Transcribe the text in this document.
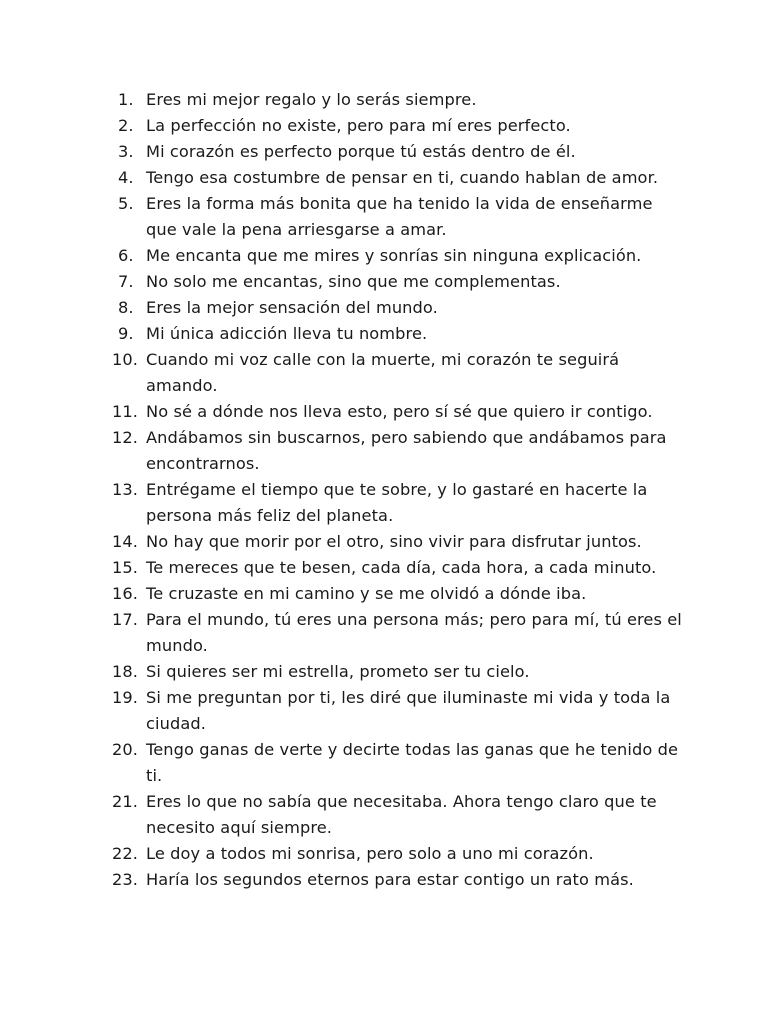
1. Eres mi mejor regalo y lo serás siempre.
2. La perfección no existe, pero para mí eres perfecto.
3. Mi corazón es perfecto porque tú estás dentro de él.
4. Tengo esa costumbre de pensar en ti, cuando hablan de amor.
5. Eres la forma más bonita que ha tenido la vida de enseñarme que vale la pena arriesgarse a amar.
6. Me encanta que me mires y sonrías sin ninguna explicación.
7. No solo me encantas, sino que me complementas.
8. Eres la mejor sensación del mundo.
9. Mi única adicción lleva tu nombre.
10. Cuando mi voz calle con la muerte, mi corazón te seguirá amando.
11. No sé a dónde nos lleva esto, pero sí sé que quiero ir contigo.
12. Andábamos sin buscarnos, pero sabiendo que andábamos para encontrarnos.
13. Entrégame el tiempo que te sobre, y lo gastaré en hacerte la persona más feliz del planeta.
14. No hay que morir por el otro, sino vivir para disfrutar juntos.
15. Te mereces que te besen, cada día, cada hora, a cada minuto.
16. Te cruzaste en mi camino y se me olvidó a dónde iba.
17. Para el mundo, tú eres una persona más; pero para mí, tú eres el mundo.
18. Si quieres ser mi estrella, prometo ser tu cielo.
19. Si me preguntan por ti, les diré que iluminaste mi vida y toda la ciudad.
20. Tengo ganas de verte y decirte todas las ganas que he tenido de ti.
21. Eres lo que no sabía que necesitaba. Ahora tengo claro que te necesito aquí siempre.
22. Le doy a todos mi sonrisa, pero solo a uno mi corazón.
23. Haría los segundos eternos para estar contigo un rato más.
